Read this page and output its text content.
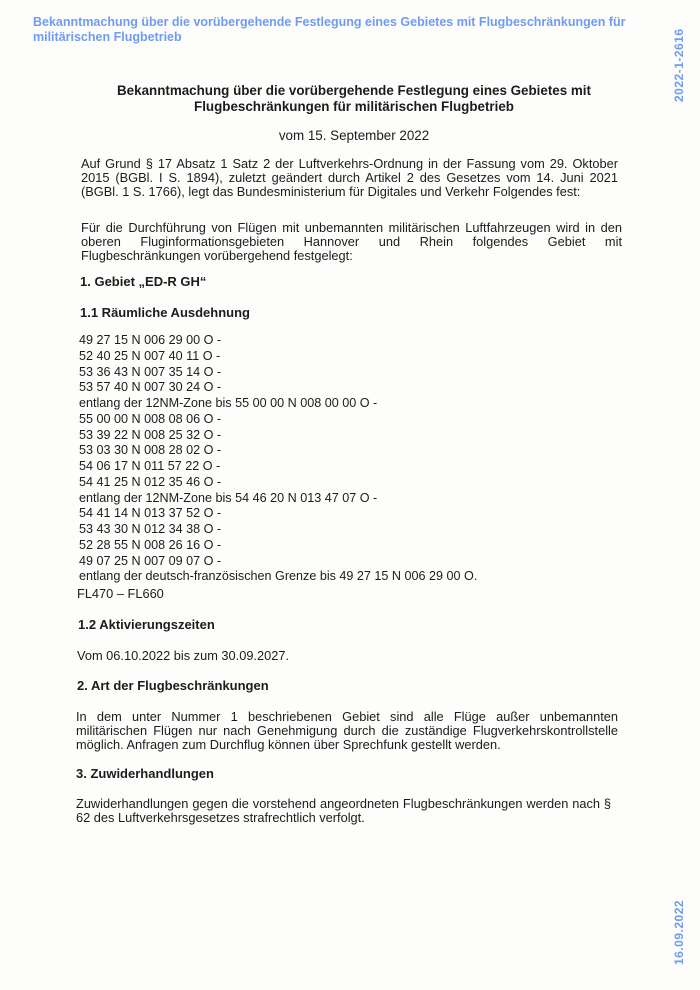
Bekanntmachung über die vorübergehende Festlegung eines Gebietes mit Flugbeschränkungen für militärischen Flugbetrieb	2022-1-2616
16.09.2022
Bekanntmachung über die vorübergehende Festlegung eines Gebietes mit Flugbeschränkungen für militärischen Flugbetrieb
vom 15. September 2022
Auf Grund § 17 Absatz 1 Satz 2 der Luftverkehrs-Ordnung in der Fassung vom 29. Oktober 2015 (BGBl. I S. 1894), zuletzt geändert durch Artikel 2 des Gesetzes vom 14. Juni 2021 (BGBl. 1 S. 1766), legt das Bundesministerium für Digitales und Verkehr Folgendes fest:
Für die Durchführung von Flügen mit unbemannten militärischen Luftfahrzeugen wird in den oberen Fluginformationsgebieten Hannover und Rhein folgendes Gebiet mit Flugbeschränkungen vorübergehend festgelegt:
1. Gebiet „ED-R GH“
1.1 Räumliche Ausdehnung
49 27 15 N 006 29 00 O -
52 40 25 N 007 40 11 O -
53 36 43 N 007 35 14 O -
53 57 40 N 007 30 24 O -
entlang der 12NM-Zone bis 55 00 00 N 008 00 00 O -
55 00 00 N 008 08 06 O -
53 39 22 N 008 25 32 O -
53 03 30 N 008 28 02 O -
54 06 17 N 011 57 22 O -
54 41 25 N 012 35 46 O -
entlang der 12NM-Zone bis 54 46 20 N 013 47 07 O -
54 41 14 N 013 37 52 O -
53 43 30 N 012 34 38 O -
52 28 55 N 008 26 16 O -
49 07 25 N 007 09 07 O -
entlang der deutsch-französischen Grenze bis 49 27 15 N 006 29 00 O.
FL470 – FL660
1.2 Aktivierungszeiten
Vom 06.10.2022 bis zum 30.09.2027.
2. Art der Flugbeschränkungen
In dem unter Nummer 1 beschriebenen Gebiet sind alle Flüge außer unbemannten militärischen Flügen nur nach Genehmigung durch die zuständige Flugverkehrskontrollstelle möglich. Anfragen zum Durchflug können über Sprechfunk gestellt werden.
3. Zuwiderhandlungen
Zuwiderhandlungen gegen die vorstehend angeordneten Flugbeschränkungen werden nach § 62 des Luftverkehrsgesetzes strafrechtlich verfolgt.
